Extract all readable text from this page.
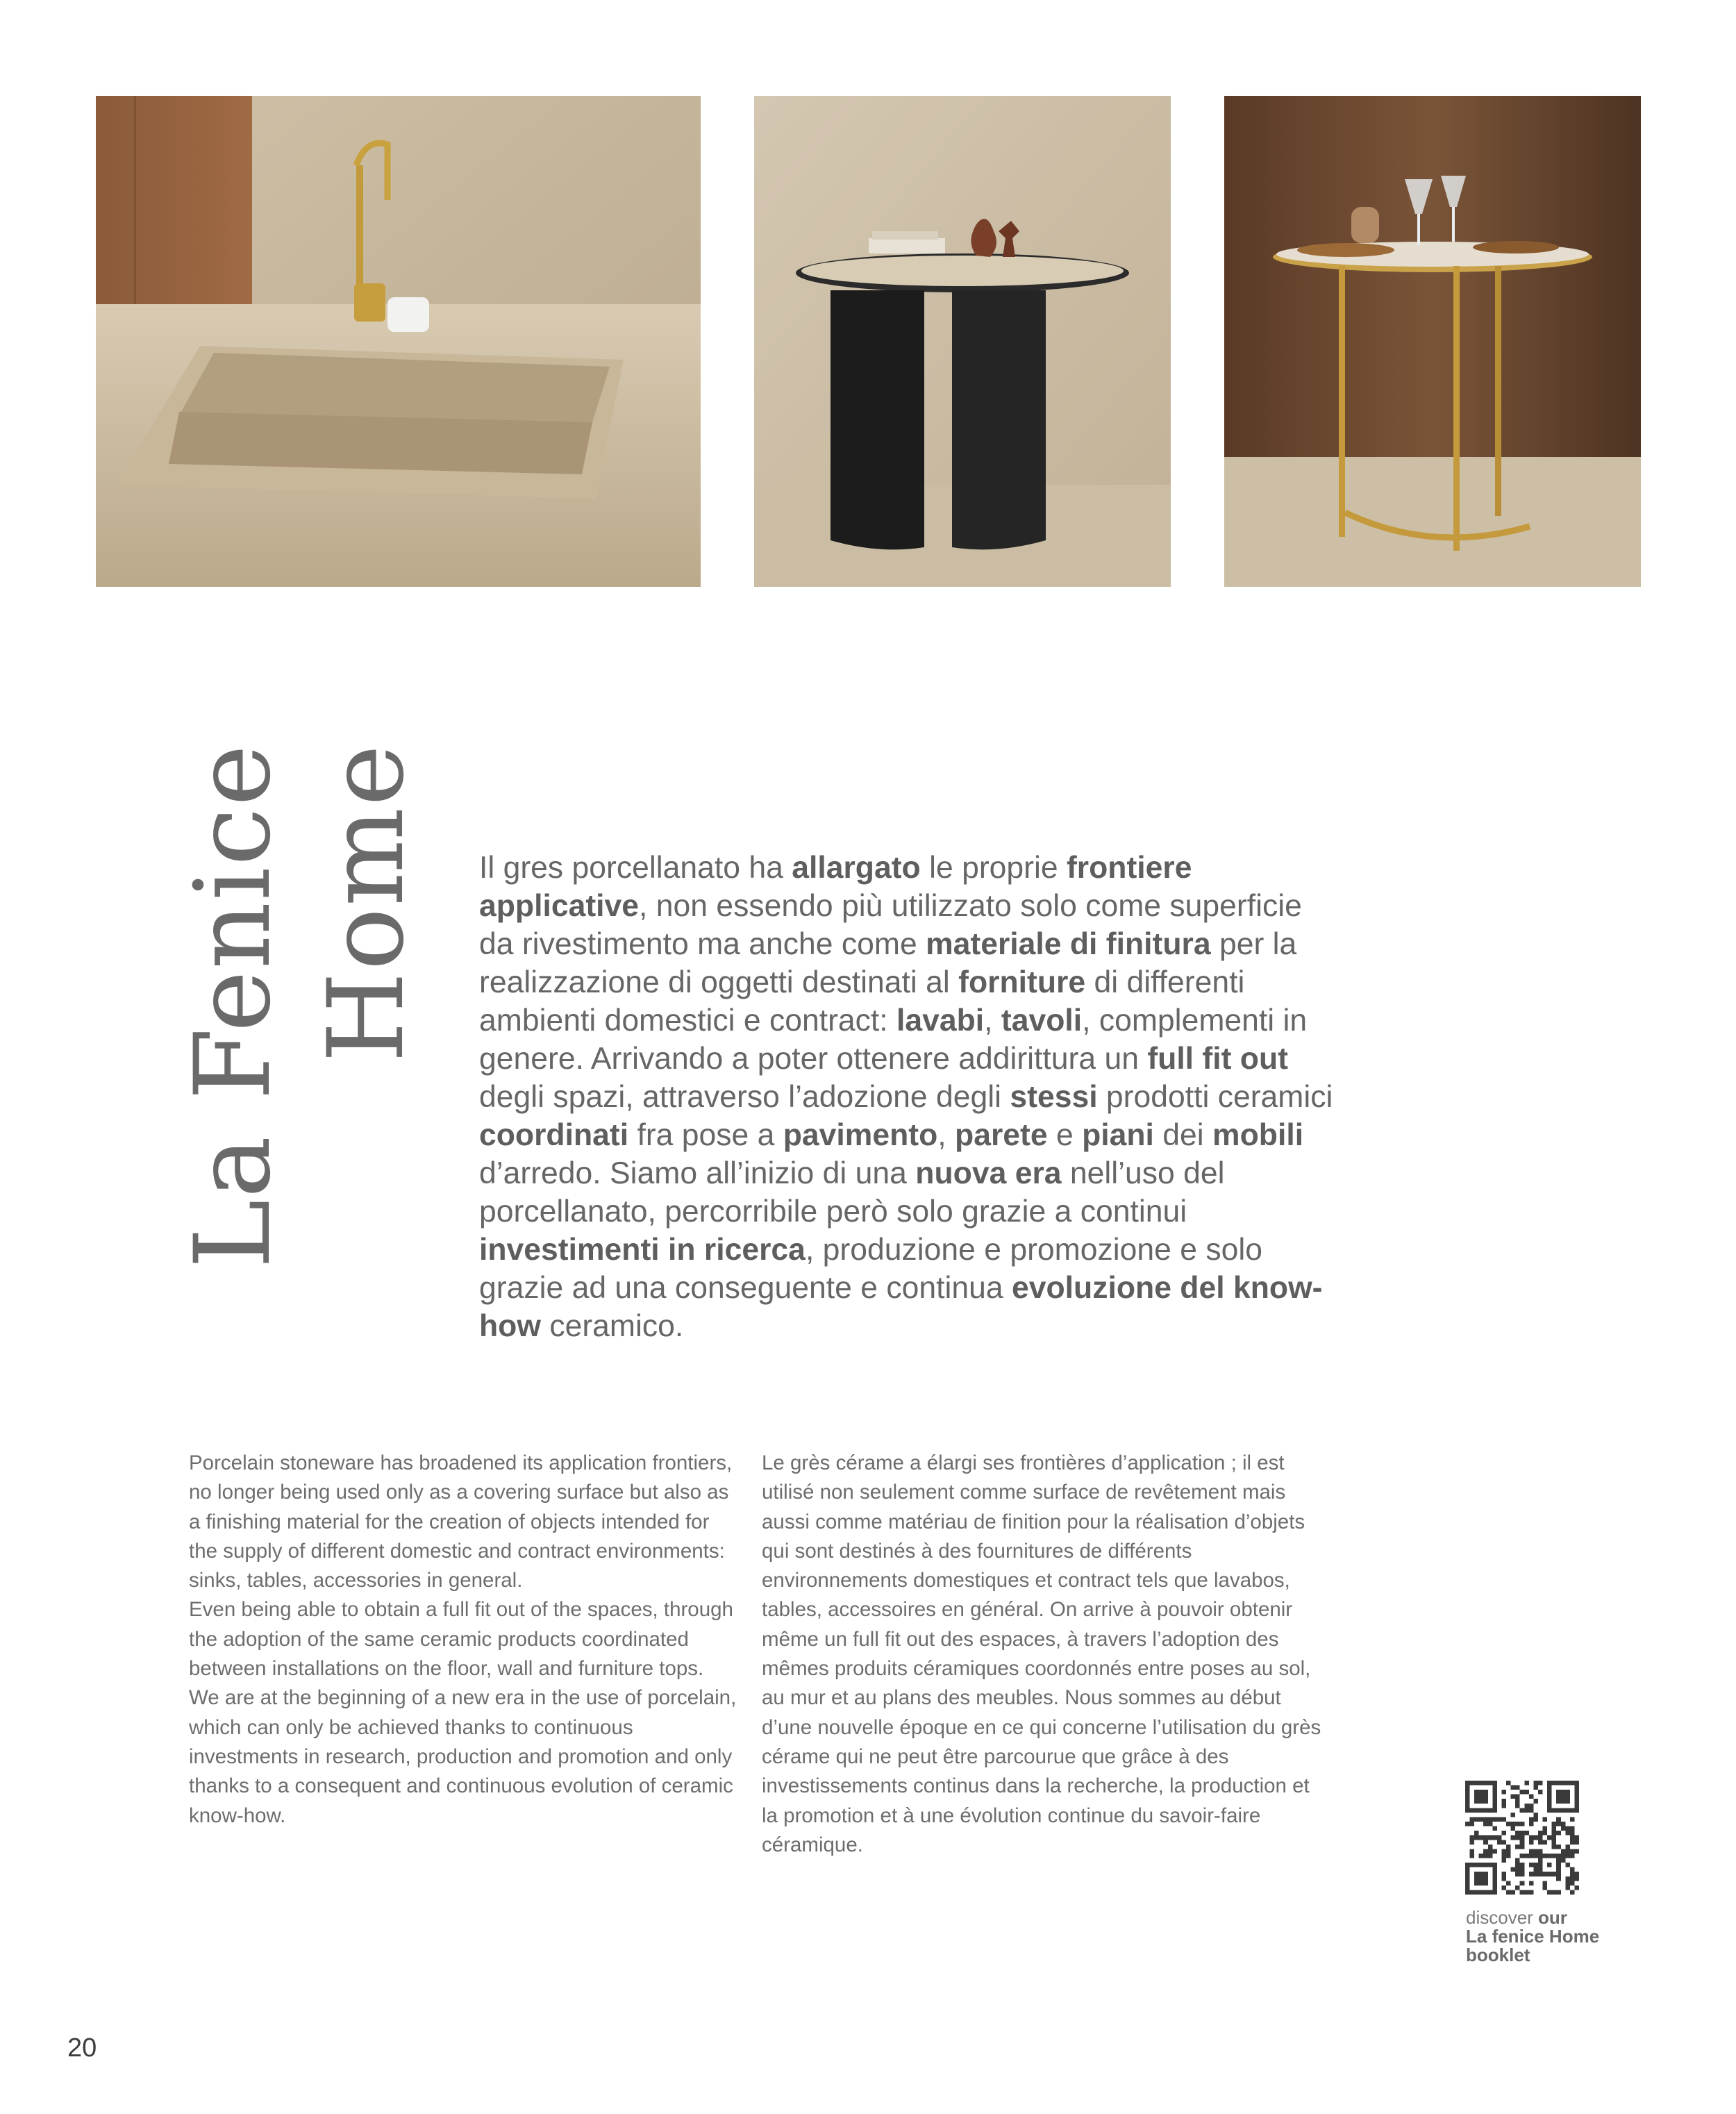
La Fenice Home Il gres porcellanato ha allargato le proprie frontiere applicative, non essendo più utilizzato solo come superficie da rivestimento ma anche come materiale di finitura per la realizzazione di oggetti destinati al forniture di differenti ambienti domestici e contract: lavabi, tavoli, complementi in genere. Arrivando a poter ottenere addirittura un full fit out degli spazi, attraverso l’adozione degli stessi prodotti ceramici coordinati fra pose a pavimento, parete e piani dei mobili d’arredo. Siamo all’inizio di una nuova era nell’uso del porcellanato, percorribile però solo grazie a continui investimenti in ricerca, produzione e promozione e solo grazie ad una conseguente e continua evoluzione del know-how ceramico.

Porcelain stoneware has broadened its application frontiers, no longer being used only as a covering surface but also as a finishing material for the creation of objects intended for the supply of different domestic and contract environments: sinks, tables, accessories in general.

Even being able to obtain a full fit out of the spaces, through the adoption of the same ceramic products coordinated between installations on the floor, wall and furniture tops. We are at the beginning of a new era in the use of porcelain, which can only be achieved thanks to continuous investments in research, production and promotion and only thanks to a consequent and continuous evolution of ceramic know-how.

Le grès cérame a élargi ses frontières d’application ; il est utilisé non seulement comme surface de revêtement mais aussi comme matériau de finition pour la réalisation d’objets qui sont destinés à des fournitures de différents environnements domestiques et contract tels que lavabos, tables, accessoires en général. On arrive à pouvoir obtenir même un full fit out des espaces, à travers l’adoption des mêmes produits céramiques coordonnés entre poses au sol, au mur et au plans des meubles. Nous sommes au début d’une nouvelle époque en ce qui concerne l’utilisation du grès cérame qui ne peut être parcourue que grâce à des investissements continus dans la recherche, la production et la promotion et à une évolution continue du savoir-faire céramique.

discover our
La fenice Home
booklet
20
